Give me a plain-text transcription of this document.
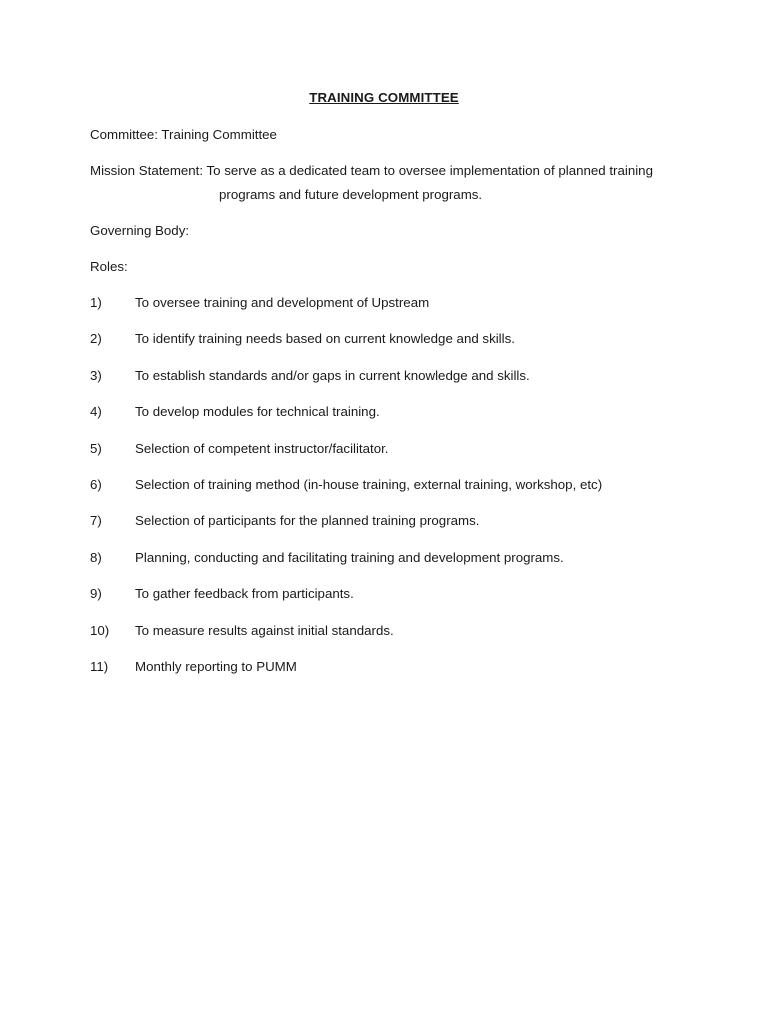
TRAINING COMMITTEE
Committee: Training Committee
Mission Statement: To serve as a dedicated team to oversee implementation of planned training
programs and future development programs.
Governing Body:
Roles:
1)	To oversee training and development of Upstream
2)	To identify training needs based on current knowledge and skills.
3)	To establish standards and/or gaps in current knowledge and skills.
4)	To develop modules for technical training.
5)	Selection of competent instructor/facilitator.
6)	Selection of training method (in-house training, external training, workshop, etc)
7)	Selection of participants for the planned training programs.
8)	Planning, conducting and facilitating training and development programs.
9)	To gather feedback from participants.
10)	To measure results against initial standards.
11)	Monthly reporting to PUMM
